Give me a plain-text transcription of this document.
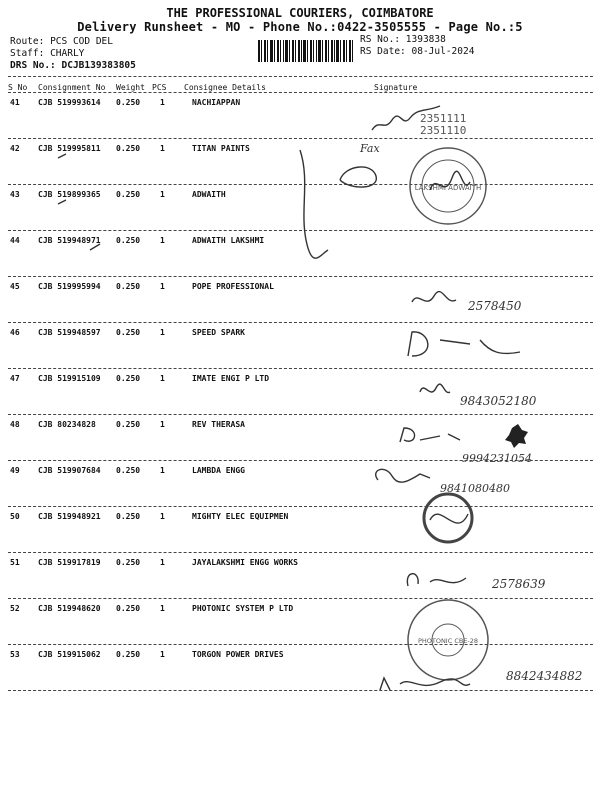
THE PROFESSIONAL COURIERS, COIMBATORE
Delivery Runsheet - MO - Phone No.:0422-3505555 - Page No.:5
Route: PCS COD DEL
Staff: CHARLY
DRS No.: DCJB139383805
RS No.: 1393838
RS Date: 08-Jul-2024
S No Consignment No Weight PCS Consignee Details	Signature
41 CJB 519993614 0.250 1	NACHIAPPAN
42 CJB 519995811 0.250 1	TITAN PAINTS
43 CJB 519899365 0.250 1	ADWAITH
44 CJB 519948971 0.250 1	ADWAITH LAKSHMI
45 CJB 519995994 0.250 1	POPE PROFESSIONAL
46 CJB 519948597 0.250 1	SPEED SPARK
47 CJB 519915109 0.250 1	IMATE ENGI P LTD
48 CJB 80234828	0.250 1	REV THERASA
49 CJB 519907684 0.250 1	LAMBDA ENGG
50 CJB 519948921 0.250 1	MIGHTY ELEC EQUIPMEN
51 CJB 519917819 0.250 1	JAYALAKSHMI ENGG WORKS
52 CJB 519948620 0.250 1	PHOTONIC SYSTEM P LTD
53 CJB 519915062 0.250 1	TORGON POWER DRIVES
Fax
2351111
2351110
LAKSHMI ADWAITH
2578450
9843052180
9994231054
9841080480
2578639
PHOTONIC CBE-28
8842434882
